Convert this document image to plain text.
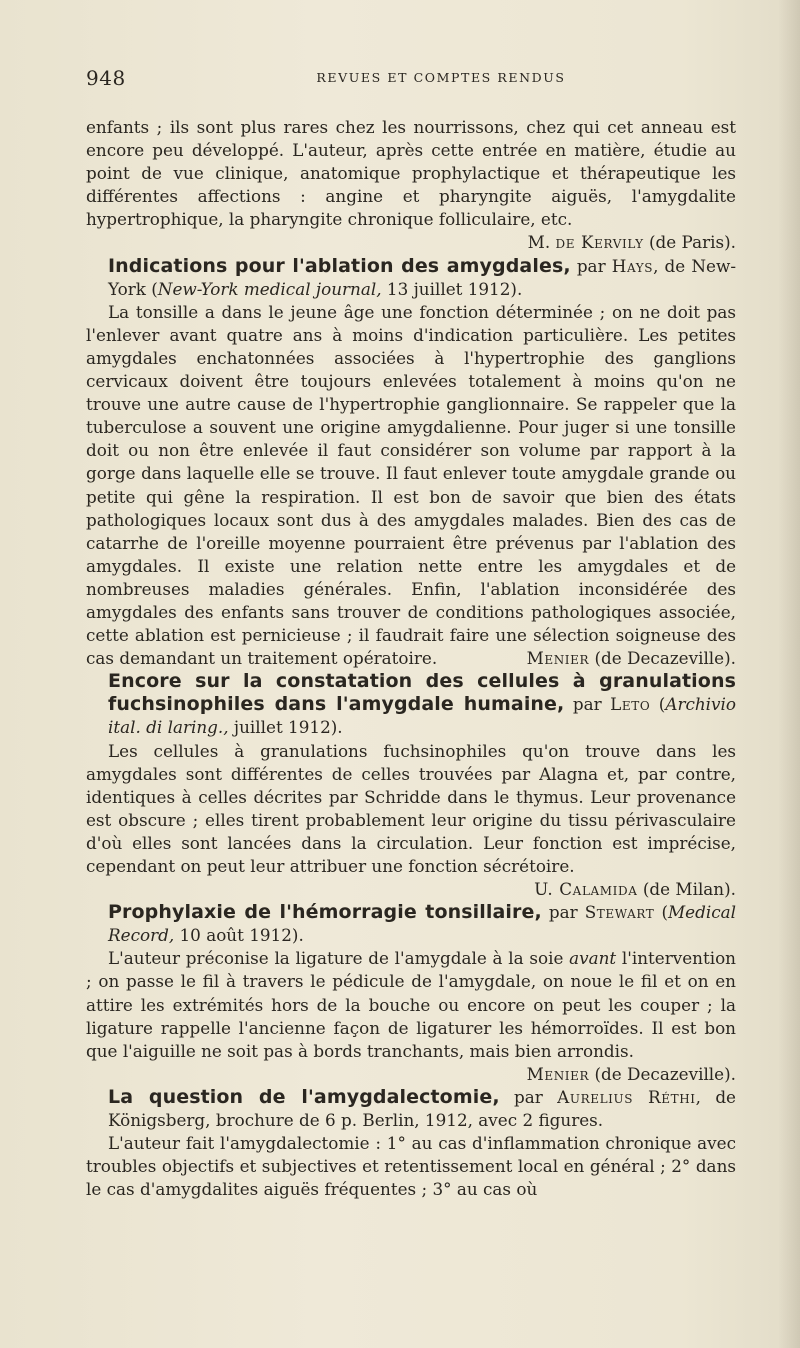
948	REVUES ET COMPTES RENDUS

enfants ; ils sont plus rares chez les nourrissons, chez qui cet anneau est encore peu développé. L'auteur, après cette entrée en matière, étudie au point de vue clinique, anatomique prophylactique et thérapeutique les différentes affections : angine et pharyngite aiguës, l'amygdalite hypertrophique, la pharyngite chronique folliculaire, etc.

M. de Kervily (de Paris).

Indications pour l'ablation des amygdales, par Hays, de New-York (New-York medical journal, 13 juillet 1912).

La tonsille a dans le jeune âge une fonction déterminée ; on ne doit pas l'enlever avant quatre ans à moins d'indication particulière. Les petites amygdales enchatonnées associées à l'hypertrophie des ganglions cervicaux doivent être toujours enlevées totalement à moins qu'on ne trouve une autre cause de l'hypertrophie ganglionnaire. Se rappeler que la tuberculose a souvent une origine amygdalienne. Pour juger si une tonsille doit ou non être enlevée il faut considérer son volume par rapport à la gorge dans laquelle elle se trouve. Il faut enlever toute amygdale grande ou petite qui gêne la respiration. Il est bon de savoir que bien des états pathologiques locaux sont dus à des amygdales malades. Bien des cas de catarrhe de l'oreille moyenne pourraient être prévenus par l'ablation des amygdales. Il existe une relation nette entre les amygdales et de nombreuses maladies générales. Enfin, l'ablation inconsidérée des amygdales des enfants sans trouver de conditions pathologiques associée, cette ablation est pernicieuse ; il faudrait faire une sélection soigneuse des cas demandant un traitement opératoire.	Menier (de Decazeville).

Encore sur la constatation des cellules à granulations fuchsinophiles dans l'amygdale humaine, par Leto (Archivio ital. di laring., juillet 1912).

Les cellules à granulations fuchsinophiles qu'on trouve dans les amygdales sont différentes de celles trouvées par Alagna et, par contre, identiques à celles décrites par Schridde dans le thymus. Leur provenance est obscure ; elles tirent probablement leur origine du tissu périvasculaire d'où elles sont lancées dans la circulation. Leur fonction est imprécise, cependant on peut leur attribuer une fonction sécrétoire.
U. Calamida (de Milan).

Prophylaxie de l'hémorragie tonsillaire, par Stewart (Medical Record, 10 août 1912).

L'auteur préconise la ligature de l'amygdale à la soie avant l'intervention ; on passe le fil à travers le pédicule de l'amygdale, on noue le fil et on en attire les extrémités hors de la bouche ou encore on peut les couper ; la ligature rappelle l'ancienne façon de ligaturer les hémorroïdes. Il est bon que l'aiguille ne soit pas à bords tranchants, mais bien arrondis.
Menier (de Decazeville).

La question de l'amygdalectomie, par Aurelius Réthi, de Königsberg, brochure de 6 p. Berlin, 1912, avec 2 figures.

L'auteur fait l'amygdalectomie : 1° au cas d'inflammation chronique avec troubles objectifs et subjectives et retentissement local en général ; 2° dans le cas d'amygdalites aiguës fréquentes ; 3° au cas où
